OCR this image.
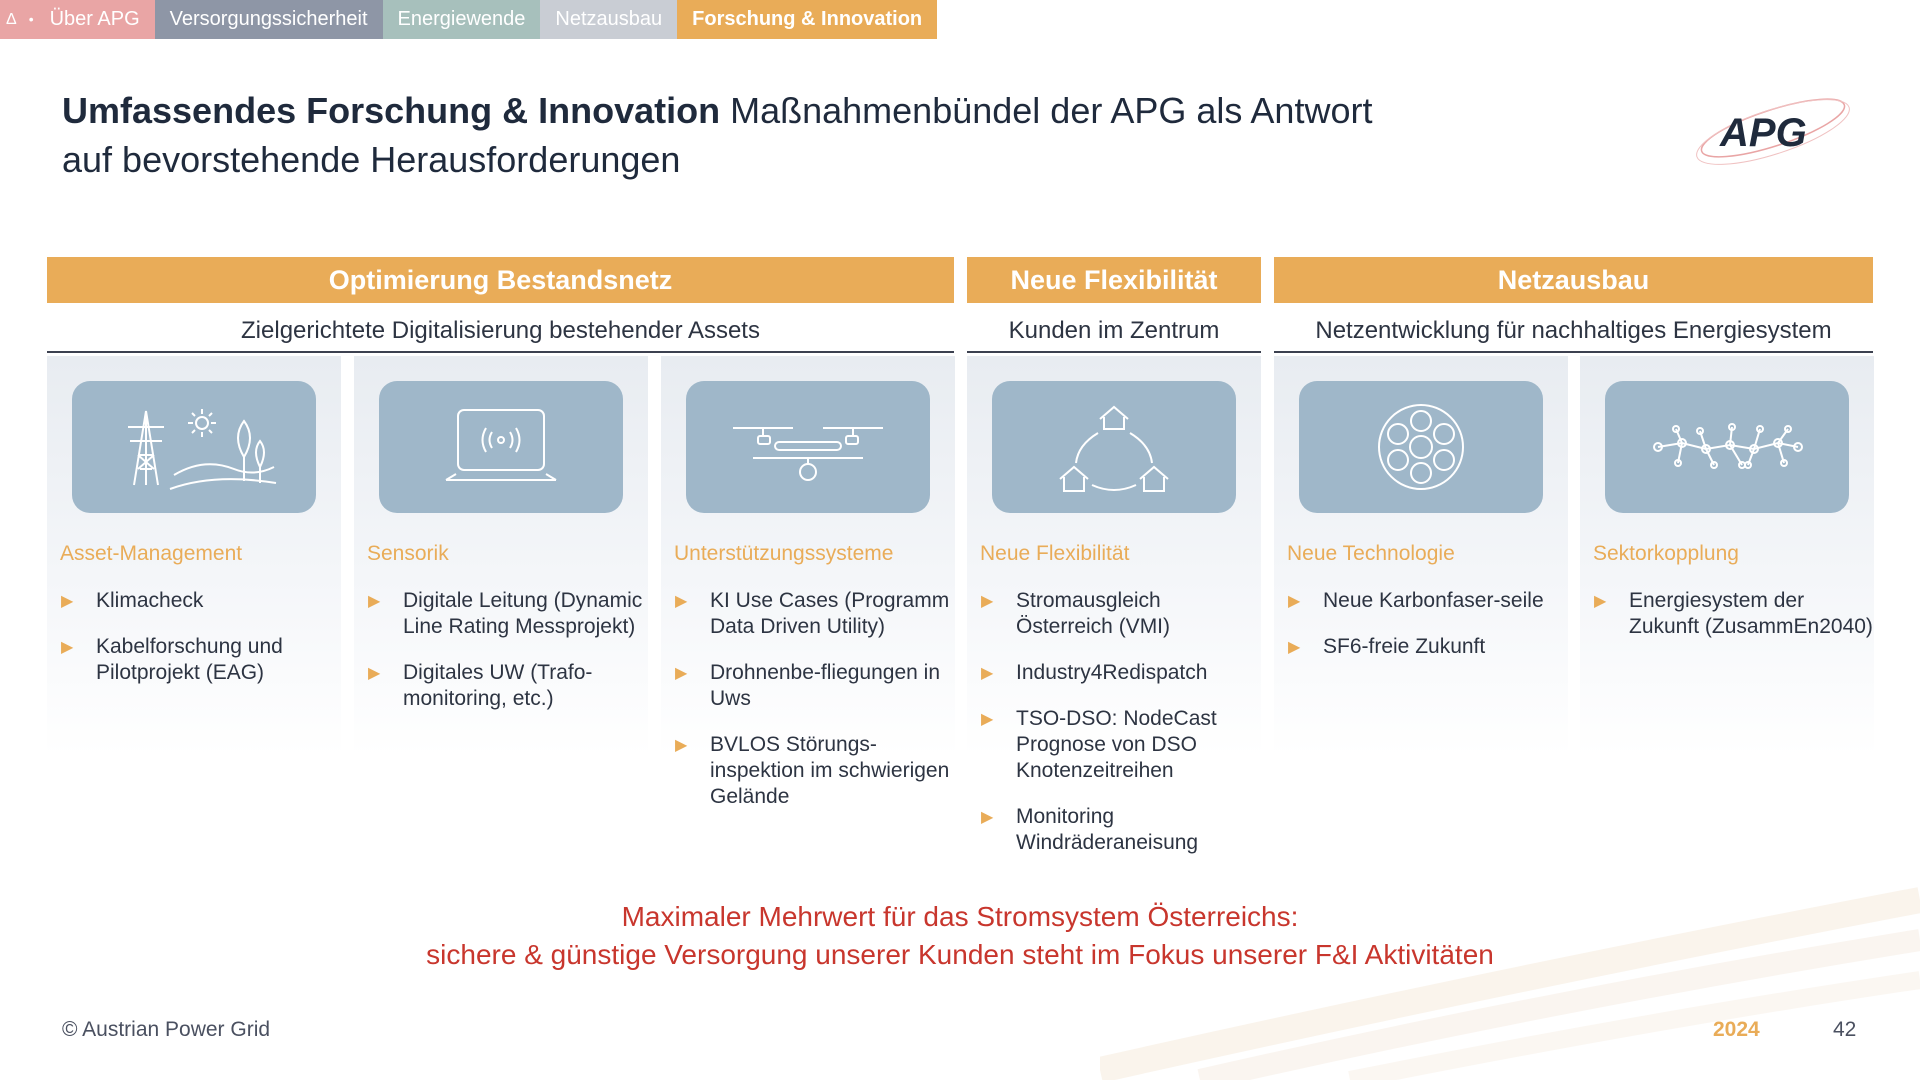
Δ • Über APG	Versorgungssicherheit	Energiewende	Netzausbau	Forschung & Innovation
Umfassendes Forschung & Innovation Maßnahmenbündel der APG als Antwort
auf bevorstehende Herausforderungen
APG
Optimierung Bestandsnetz	Neue Flexibilität	Netzausbau
Zielgerichtete Digitalisierung bestehender Assets	Kunden im Zentrum	Netzentwicklung für nachhaltiges Energiesystem
Asset-Management
▶ Klimacheck
▶ Kabelforschung und Pilotprojekt (EAG)
Sensorik
▶ Digitale Leitung (Dynamic Line Rating Messprojekt)
▶ Digitales UW (Trafo-monitoring, etc.)
Unterstützungssysteme
▶ KI Use Cases (Programm Data Driven Utility)
▶ Drohnenbe-fliegungen in Uws
▶ BVLOS Störungs-inspektion im schwierigen Gelände
Neue Flexibilität
▶ Stromausgleich Österreich (VMI)
▶ Industry4Redispatch
▶ TSO-DSO: NodeCast Prognose von DSO Knotenzeitreihen
▶ Monitoring Windräderaneisung
Neue Technologie
▶ Neue Karbonfaser-seile
▶ SF6-freie Zukunft
Sektorkopplung
▶ Energiesystem der Zukunft (ZusammEn2040)
Maximaler Mehrwert für das Stromsystem Österreichs:
sichere & günstige Versorgung unserer Kunden steht im Fokus unserer F&I Aktivitäten
© Austrian Power Grid	2024	42
